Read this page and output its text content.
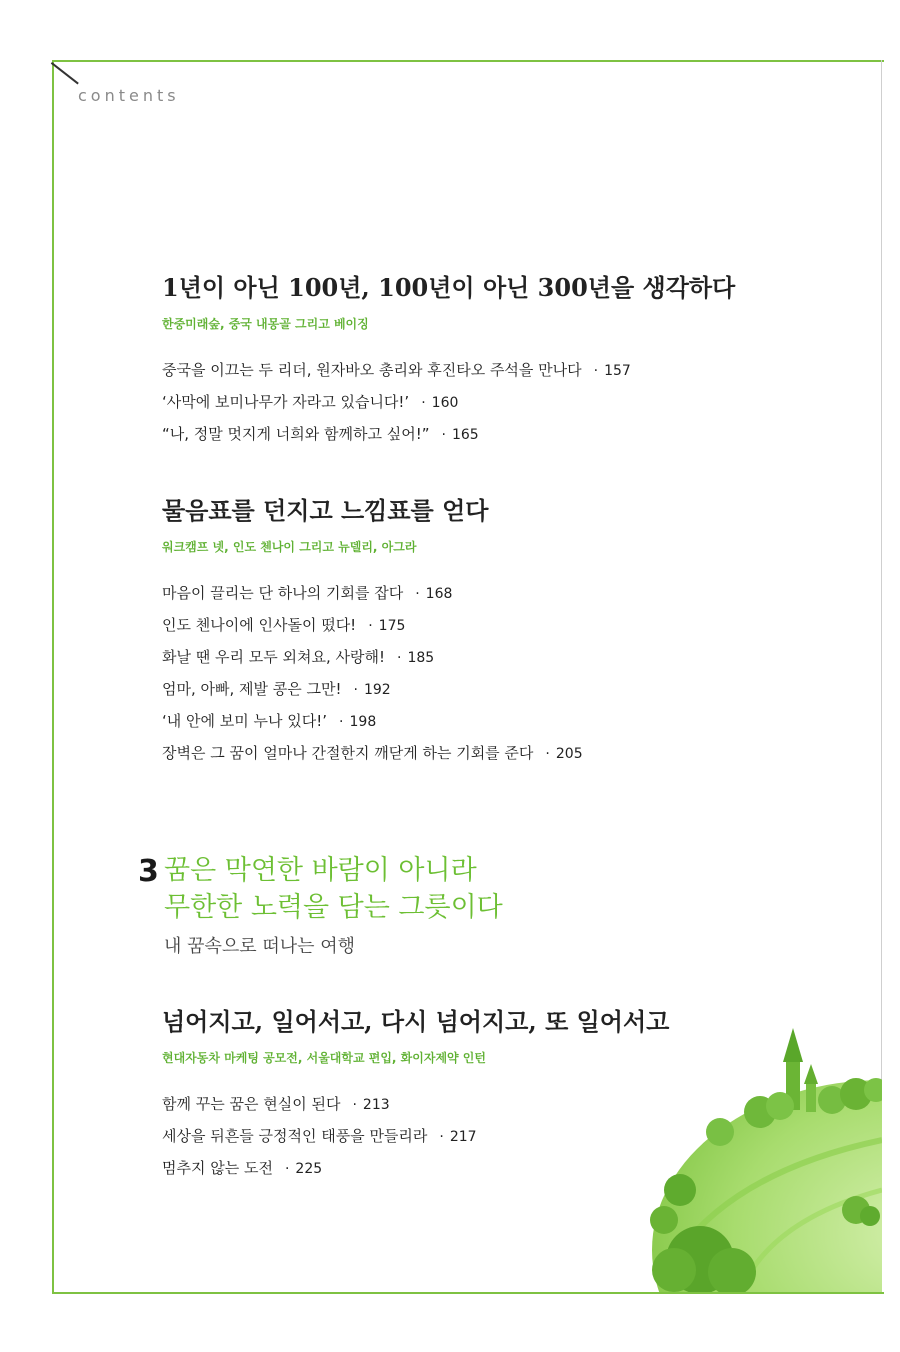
contents
1년이 아닌 100년, 100년이 아닌 300년을 생각하다
한중미래숲, 중국 내몽골 그리고 베이징
중국을 이끄는 두 리더, 원자바오 총리와 후진타오 주석을 만나다 · 157
‘사막에 보미나무가 자라고 있습니다!’ · 160
“나, 정말 멋지게 너희와 함께하고 싶어!” · 165
물음표를 던지고 느낌표를 얻다
워크캠프 넷, 인도 첸나이 그리고 뉴델리, 아그라
마음이 끌리는 단 하나의 기회를 잡다 · 168
인도 첸나이에 인사돌이 떴다! · 175
화날 땐 우리 모두 외쳐요, 사랑해! · 185
엄마, 아빠, 제발 콩은 그만! · 192
‘내 안에 보미 누나 있다!’ · 198
장벽은 그 꿈이 얼마나 간절한지 깨닫게 하는 기회를 준다 · 205
3 꿈은 막연한 바람이 아니라
무한한 노력을 담는 그릇이다
내 꿈속으로 떠나는 여행
넘어지고, 일어서고, 다시 넘어지고, 또 일어서고
현대자동차 마케팅 공모전, 서울대학교 편입, 화이자제약 인턴
함께 꾸는 꿈은 현실이 된다 · 213
세상을 뒤흔들 긍정적인 태풍을 만들리라 · 217
멈추지 않는 도전 · 225
